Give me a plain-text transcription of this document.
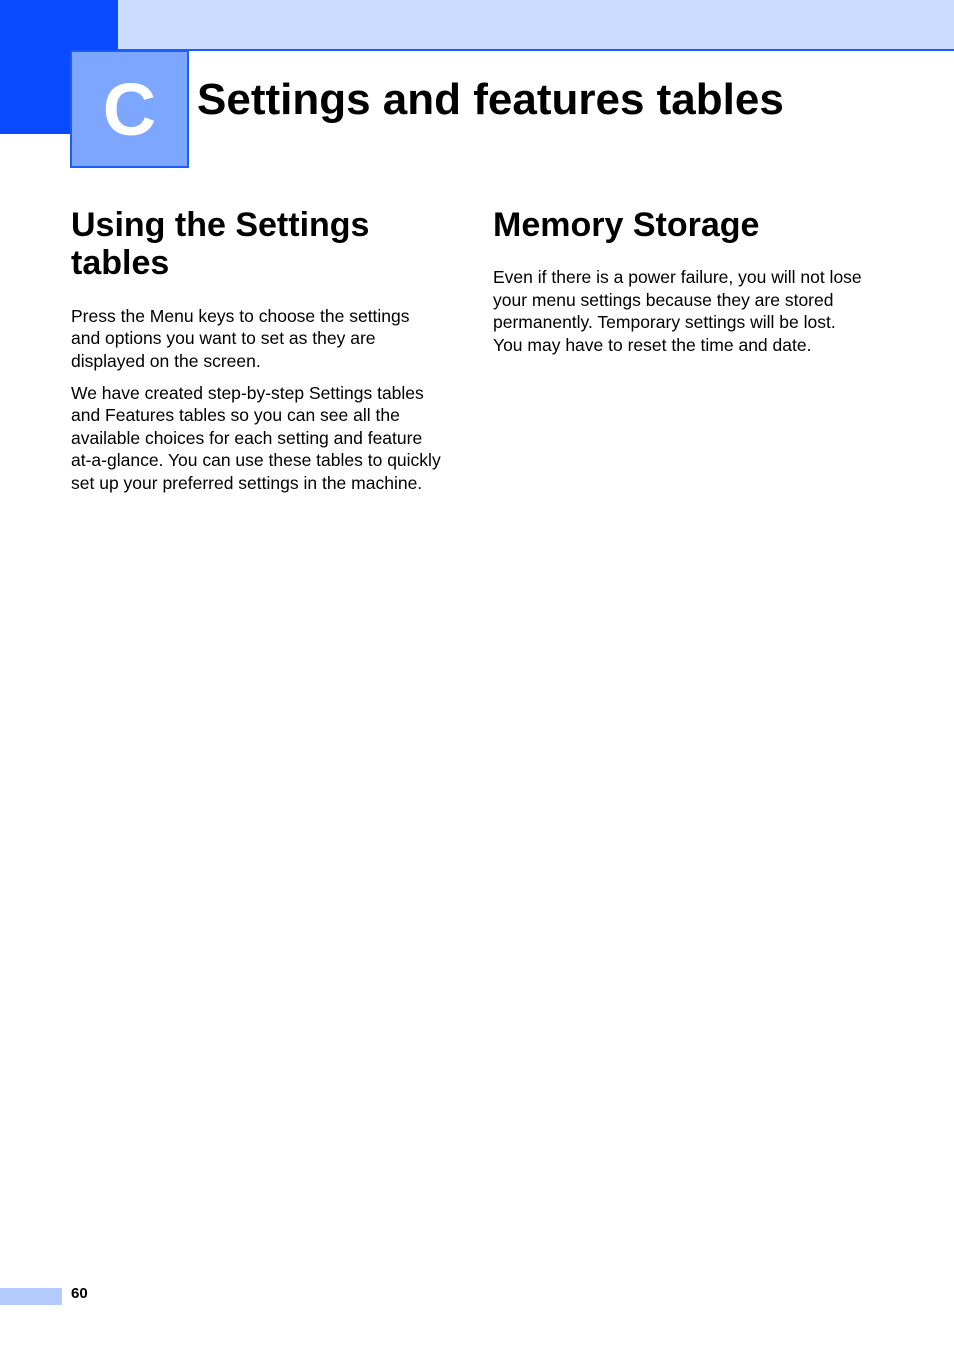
C Settings and features tables
Using the Settings tables

Press the Menu keys to choose the settings and options you want to set as they are displayed on the screen.

We have created step-by-step Settings tables and Features tables so you can see all the available choices for each setting and feature at-a-glance. You can use these tables to quickly set up your preferred settings in the machine.

Memory Storage

Even if there is a power failure, you will not lose your menu settings because they are stored permanently. Temporary settings will be lost. You may have to reset the time and date.

60
